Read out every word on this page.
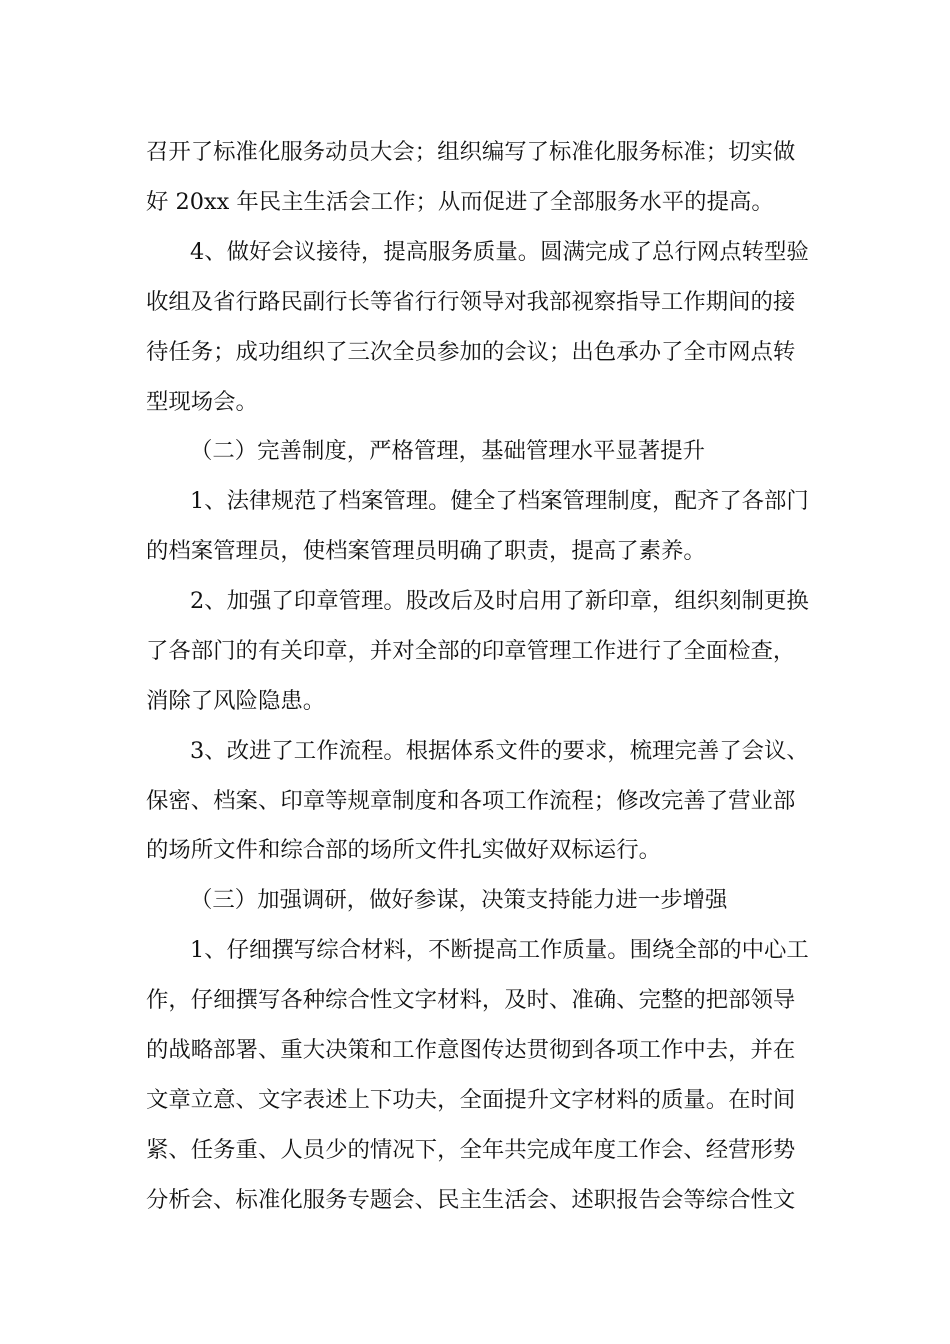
召开了标准化服务动员大会；组织编写了标准化服务标准；切实做
好 20xx 年民主生活会工作；从而促进了全部服务水平的提高。
4、做好会议接待，提高服务质量。圆满完成了总行网点转型验
收组及省行路民副行长等省行行领导对我部视察指导工作期间的接
待任务；成功组织了三次全员参加的会议；出色承办了全市网点转
型现场会。
（二）完善制度，严格管理，基础管理水平显著提升
1、法律规范了档案管理。健全了档案管理制度，配齐了各部门
的档案管理员，使档案管理员明确了职责，提高了素养。
2、加强了印章管理。股改后及时启用了新印章，组织刻制更换
了各部门的有关印章，并对全部的印章管理工作进行了全面检查，
消除了风险隐患。
3、改进了工作流程。根据体系文件的要求，梳理完善了会议、
保密、档案、印章等规章制度和各项工作流程；修改完善了营业部
的场所文件和综合部的场所文件扎实做好双标运行。
（三）加强调研，做好参谋，决策支持能力进一步增强
1、仔细撰写综合材料，不断提高工作质量。围绕全部的中心工
作，仔细撰写各种综合性文字材料，及时、准确、完整的把部领导
的战略部署、重大决策和工作意图传达贯彻到各项工作中去，并在
文章立意、文字表述上下功夫，全面提升文字材料的质量。在时间
紧、任务重、人员少的情况下，全年共完成年度工作会、经营形势
分析会、标准化服务专题会、民主生活会、述职报告会等综合性文
